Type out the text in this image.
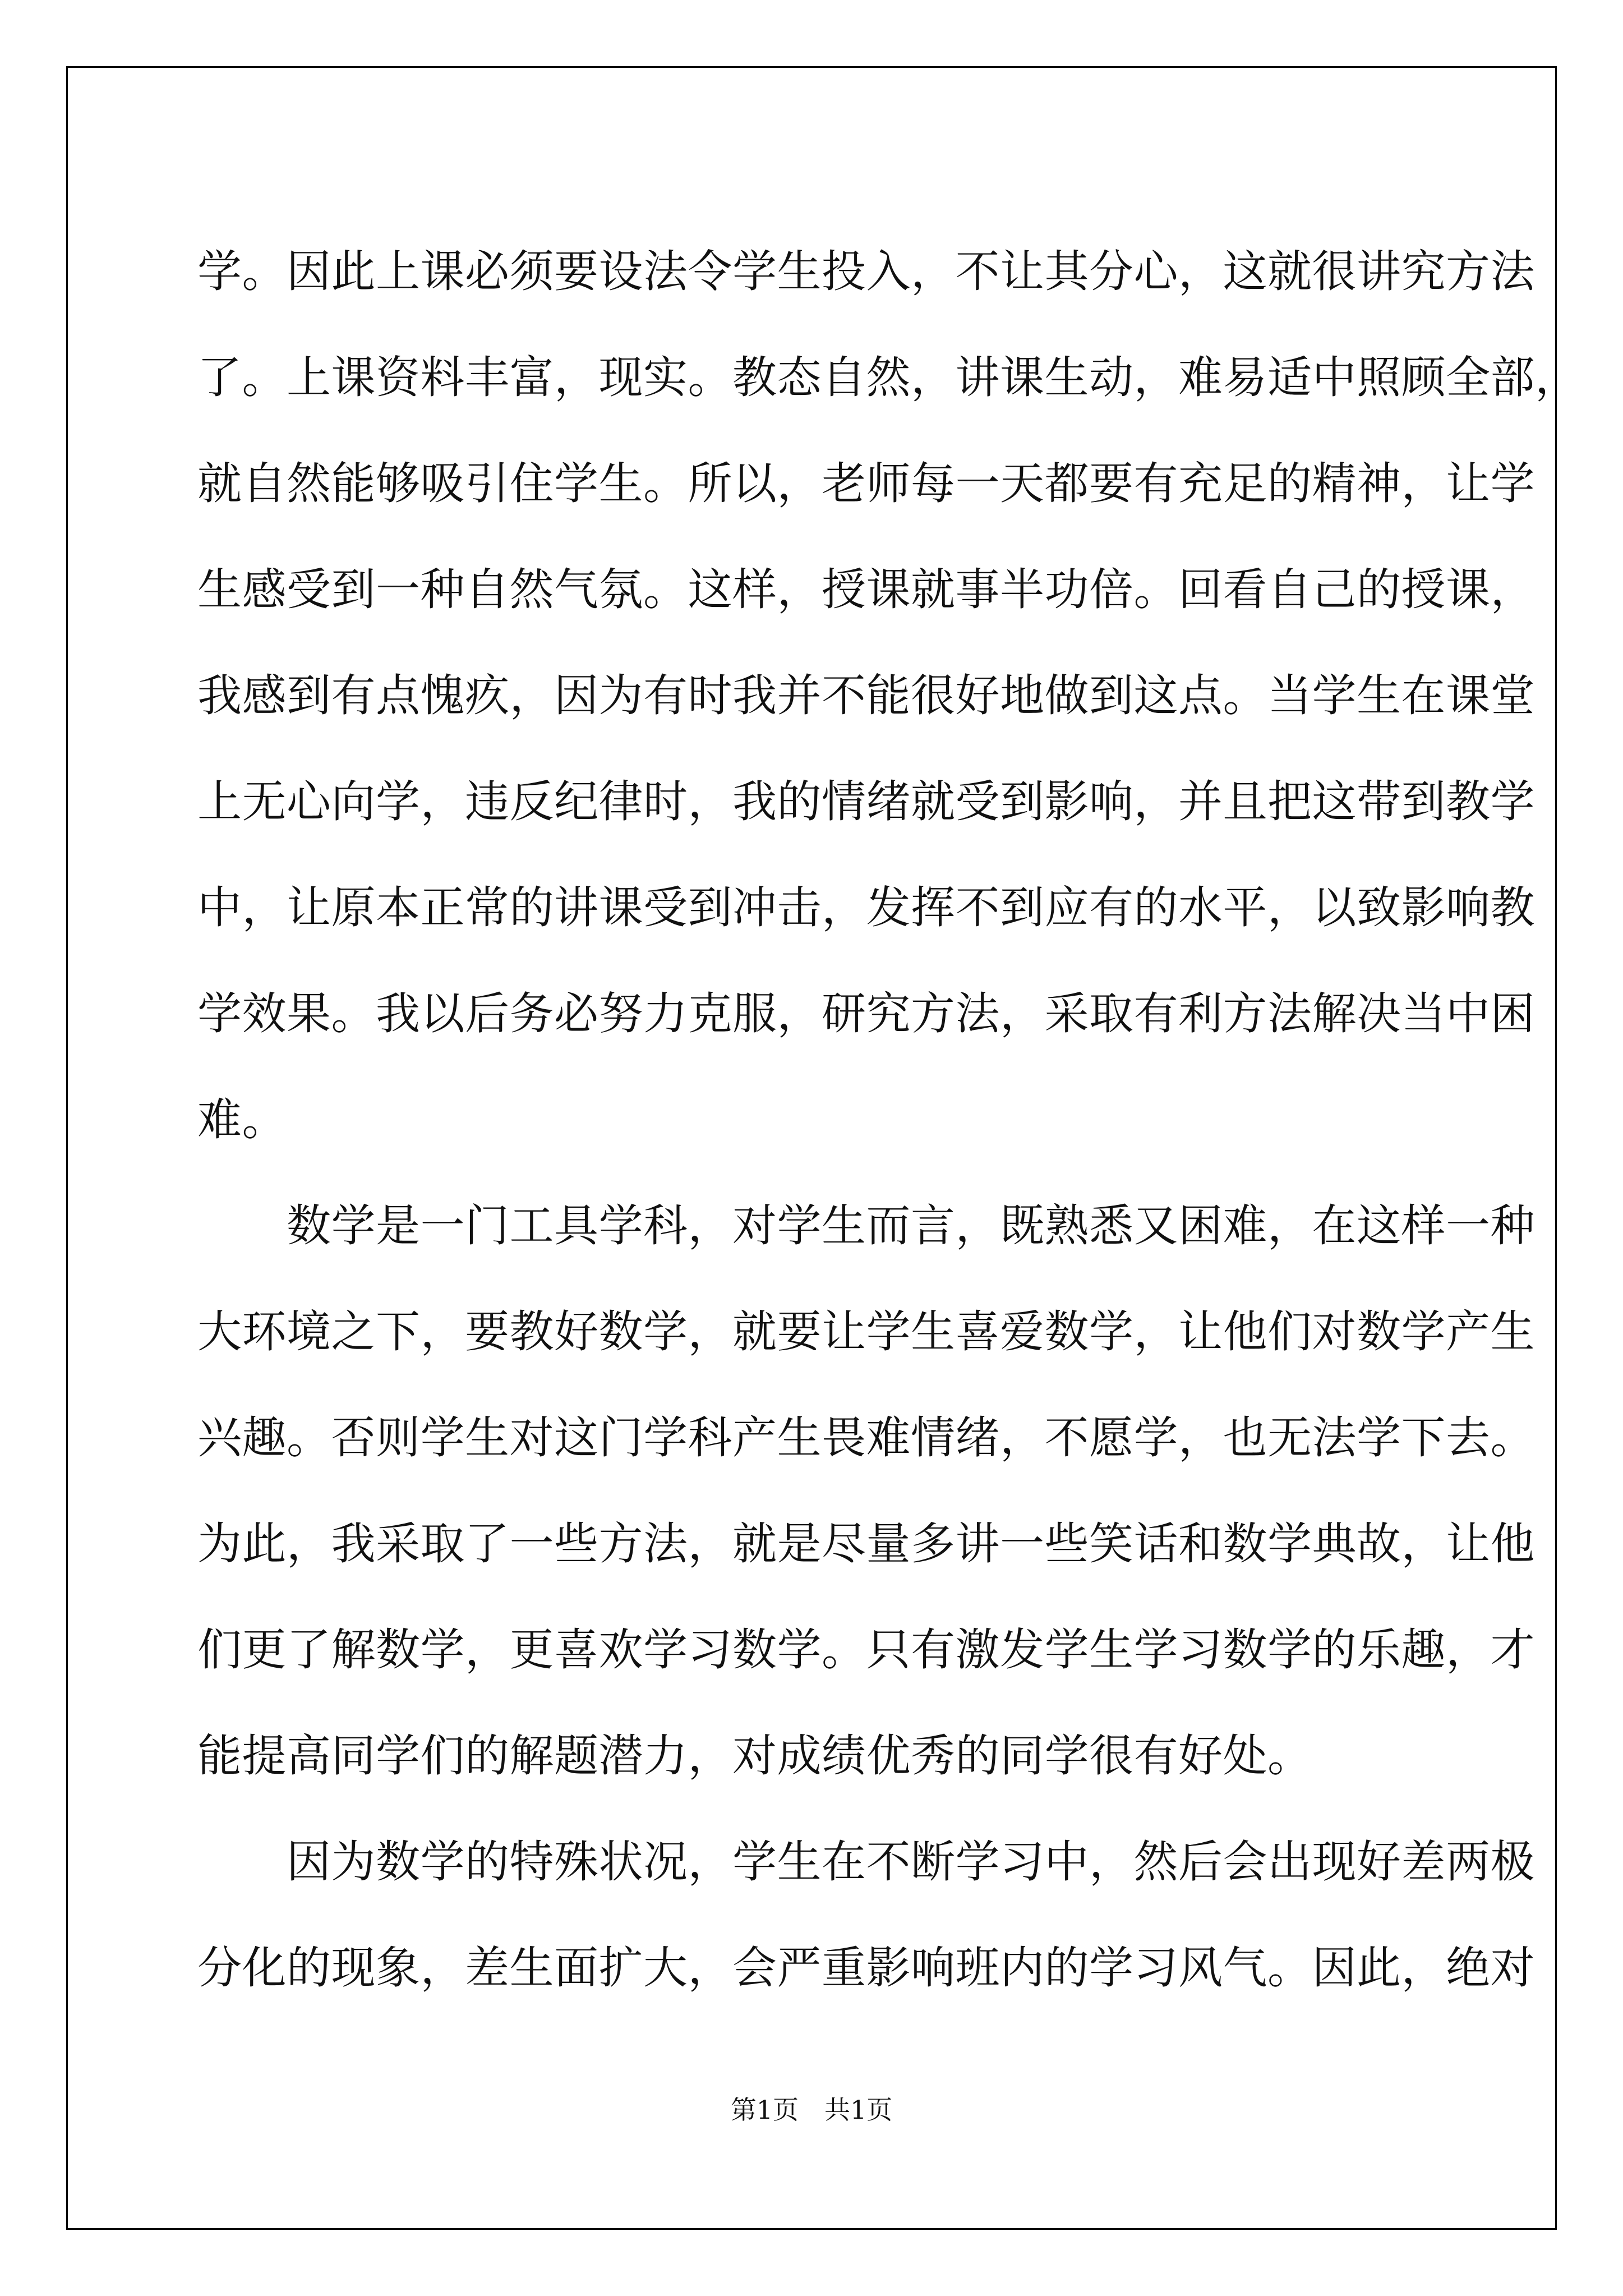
学。因此上课必须要设法令学生投入，不让其分心，这就很讲究方法
了。上课资料丰富，现实。教态自然，讲课生动，难易适中照顾全部，
就自然能够吸引住学生。所以，老师每一天都要有充足的精神，让学
生感受到一种自然气氛。这样，授课就事半功倍。回看自己的授课，
我感到有点愧疚，因为有时我并不能很好地做到这点。当学生在课堂
上无心向学，违反纪律时，我的情绪就受到影响，并且把这带到教学
中，让原本正常的讲课受到冲击，发挥不到应有的水平，以致影响教
学效果。我以后务必努力克服，研究方法，采取有利方法解决当中困
难。
　　数学是一门工具学科，对学生而言，既熟悉又困难，在这样一种
大环境之下，要教好数学，就要让学生喜爱数学，让他们对数学产生
兴趣。否则学生对这门学科产生畏难情绪，不愿学，也无法学下去。
为此，我采取了一些方法，就是尽量多讲一些笑话和数学典故，让他
们更了解数学，更喜欢学习数学。只有激发学生学习数学的乐趣，才
能提高同学们的解题潜力，对成绩优秀的同学很有好处。
　　因为数学的特殊状况，学生在不断学习中，然后会出现好差两极
分化的现象，差生面扩大，会严重影响班内的学习风气。因此，绝对
第1页　共1页
